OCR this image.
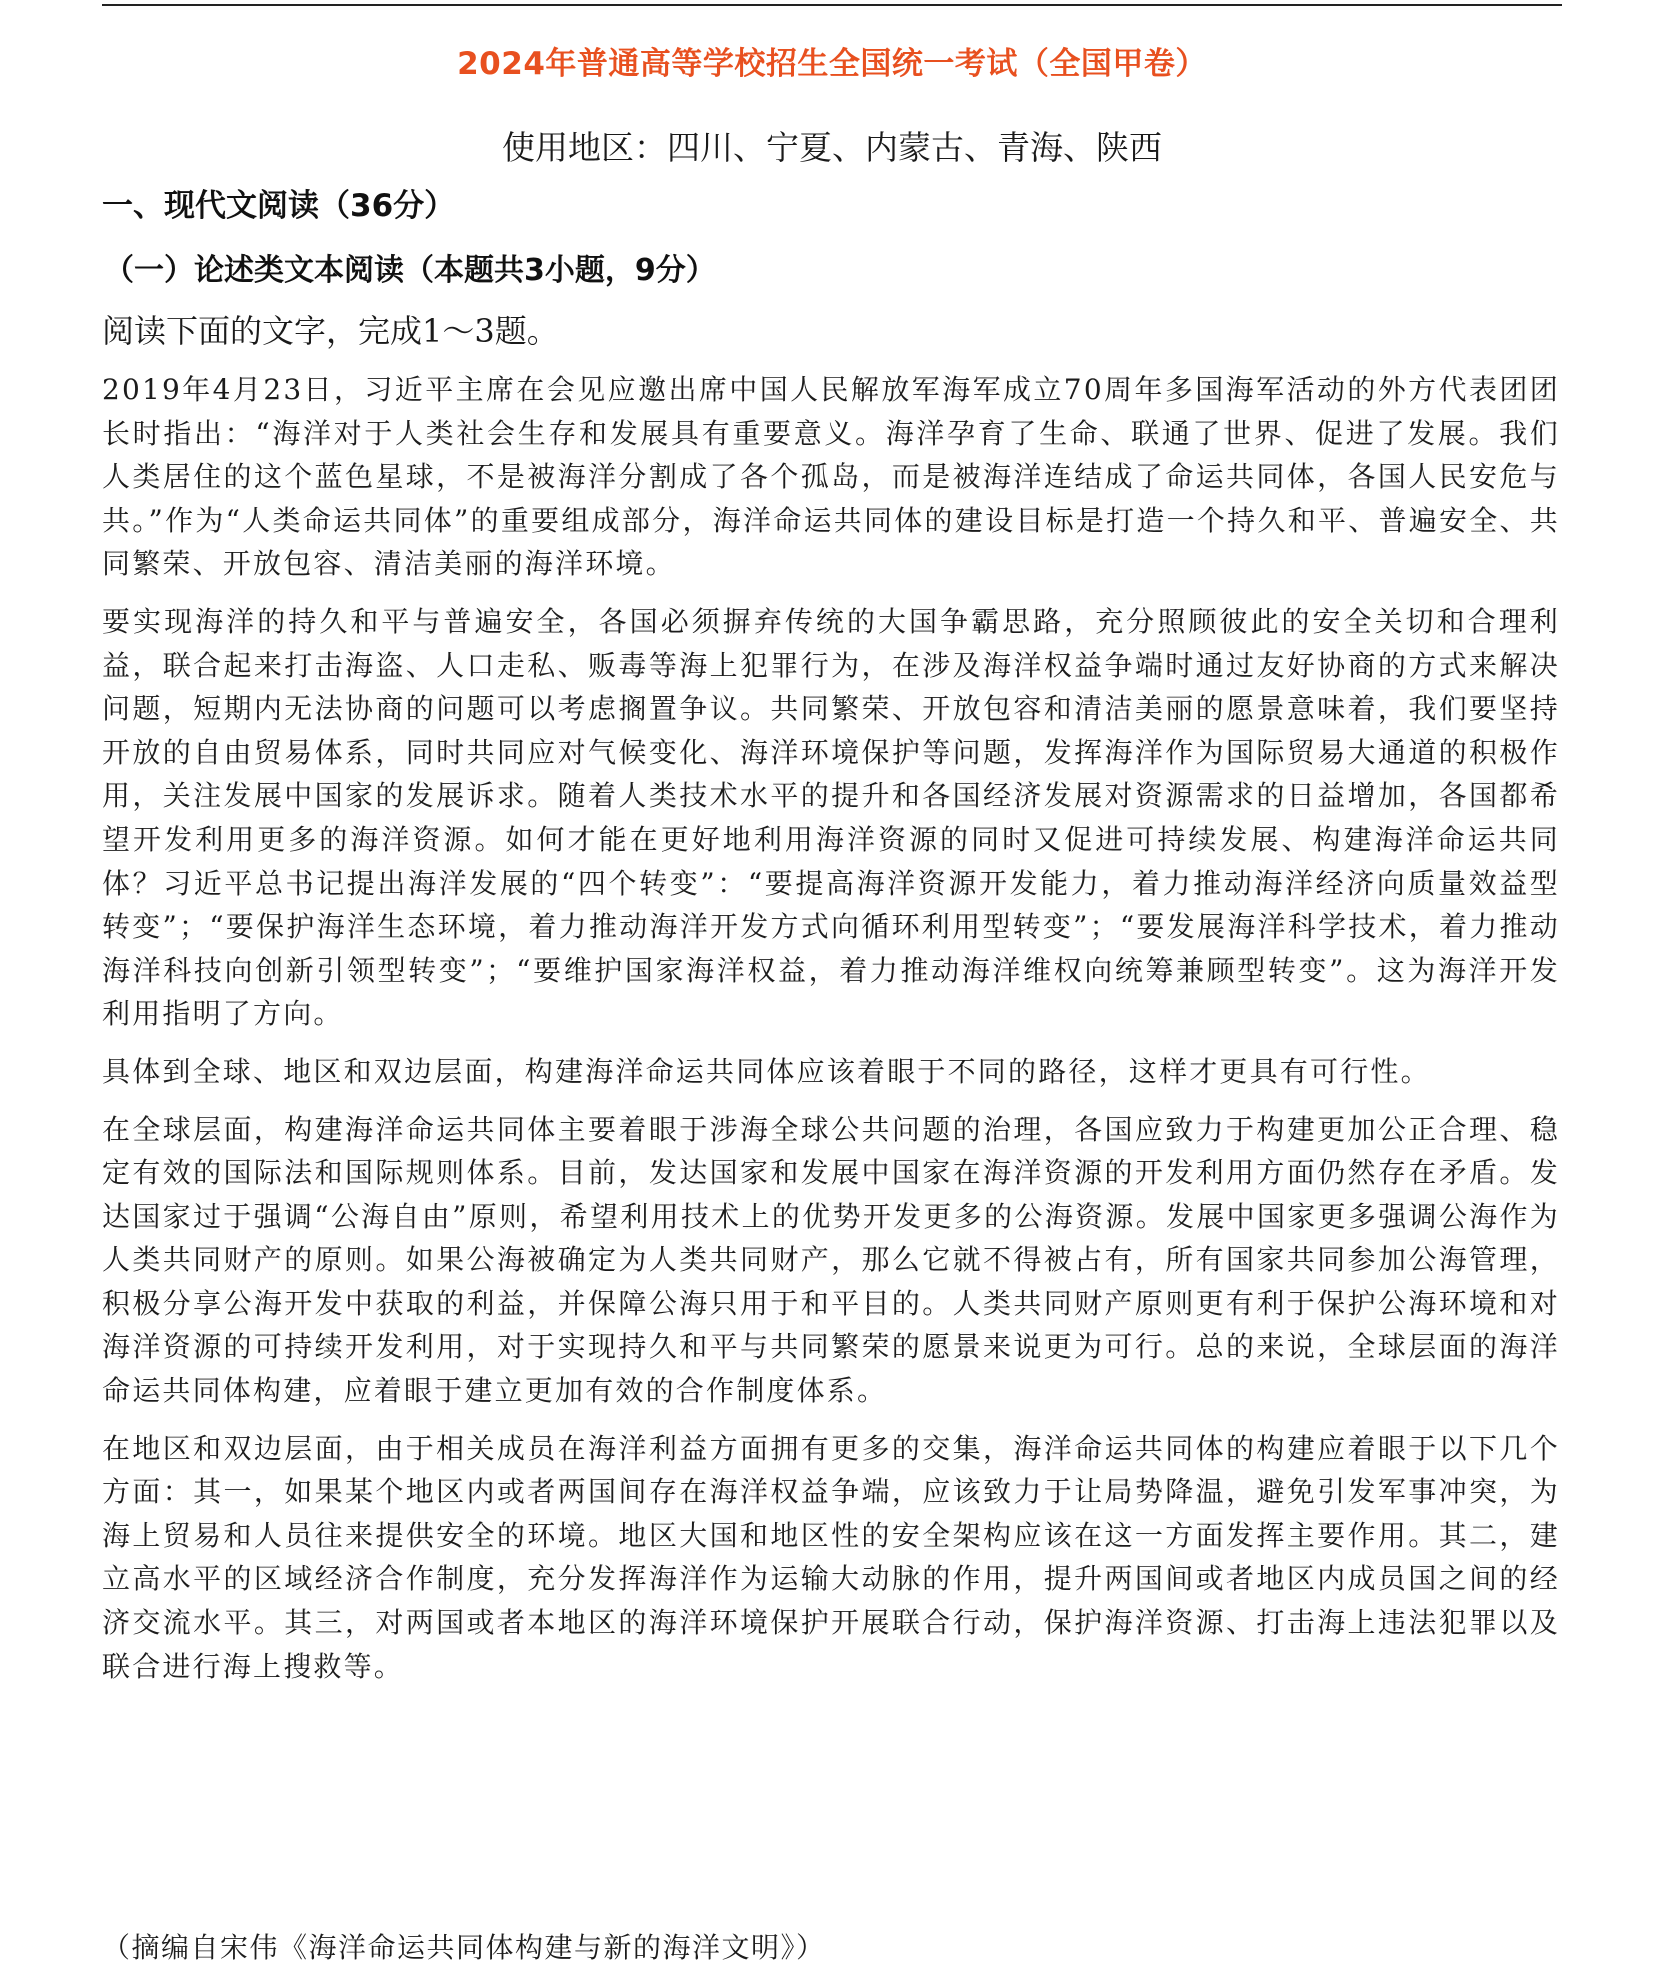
2024年普通高等学校招生全国统一考试（全国甲卷）
使用地区：四川、宁夏、内蒙古、青海、陕西
一、现代文阅读（36分）
（一）论述类文本阅读（本题共3小题，9分）
阅读下面的文字，完成1～3题。

2019年4月23日，习近平主席在会见应邀出席中国人民解放军海军成立70周年多国海军活动的外方代表团团长时指出：“海洋对于人类社会生存和发展具有重要意义。海洋孕育了生命、联通了世界、促进了发展。我们人类居住的这个蓝色星球，不是被海洋分割成了各个孤岛，而是被海洋连结成了命运共同体，各国人民安危与共。”作为“人类命运共同体”的重要组成部分，海洋命运共同体的建设目标是打造一个持久和平、普遍安全、共同繁荣、开放包容、清洁美丽的海洋环境。

要实现海洋的持久和平与普遍安全，各国必须摒弃传统的大国争霸思路，充分照顾彼此的安全关切和合理利益，联合起来打击海盗、人口走私、贩毒等海上犯罪行为，在涉及海洋权益争端时通过友好协商的方式来解决问题，短期内无法协商的问题可以考虑搁置争议。共同繁荣、开放包容和清洁美丽的愿景意味着，我们要坚持开放的自由贸易体系，同时共同应对气候变化、海洋环境保护等问题，发挥海洋作为国际贸易大通道的积极作用，关注发展中国家的发展诉求。随着人类技术水平的提升和各国经济发展对资源需求的日益增加，各国都希望开发利用更多的海洋资源。如何才能在更好地利用海洋资源的同时又促进可持续发展、构建海洋命运共同体？习近平总书记提出海洋发展的“四个转变”：“要提高海洋资源开发能力，着力推动海洋经济向质量效益型转变”；“要保护海洋生态环境，着力推动海洋开发方式向循环利用型转变”；“要发展海洋科学技术，着力推动海洋科技向创新引领型转变”；“要维护国家海洋权益，着力推动海洋维权向统筹兼顾型转变”。这为海洋开发利用指明了方向。

具体到全球、地区和双边层面，构建海洋命运共同体应该着眼于不同的路径，这样才更具有可行性。

在全球层面，构建海洋命运共同体主要着眼于涉海全球公共问题的治理，各国应致力于构建更加公正合理、稳定有效的国际法和国际规则体系。目前，发达国家和发展中国家在海洋资源的开发利用方面仍然存在矛盾。发达国家过于强调“公海自由”原则，希望利用技术上的优势开发更多的公海资源。发展中国家更多强调公海作为人类共同财产的原则。如果公海被确定为人类共同财产，那么它就不得被占有，所有国家共同参加公海管理，积极分享公海开发中获取的利益，并保障公海只用于和平目的。人类共同财产原则更有利于保护公海环境和对海洋资源的可持续开发利用，对于实现持久和平与共同繁荣的愿景来说更为可行。总的来说，全球层面的海洋命运共同体构建，应着眼于建立更加有效的合作制度体系。

在地区和双边层面，由于相关成员在海洋利益方面拥有更多的交集，海洋命运共同体的构建应着眼于以下几个方面：其一，如果某个地区内或者两国间存在海洋权益争端，应该致力于让局势降温，避免引发军事冲突，为海上贸易和人员往来提供安全的环境。地区大国和地区性的安全架构应该在这一方面发挥主要作用。其二，建立高水平的区域经济合作制度，充分发挥海洋作为运输大动脉的作用，提升两国间或者地区内成员国之间的经济交流水平。其三，对两国或者本地区的海洋环境保护开展联合行动，保护海洋资源、打击海上违法犯罪以及联合进行海上搜救等。

（摘编自宋伟《海洋命运共同体构建与新的海洋文明》）
